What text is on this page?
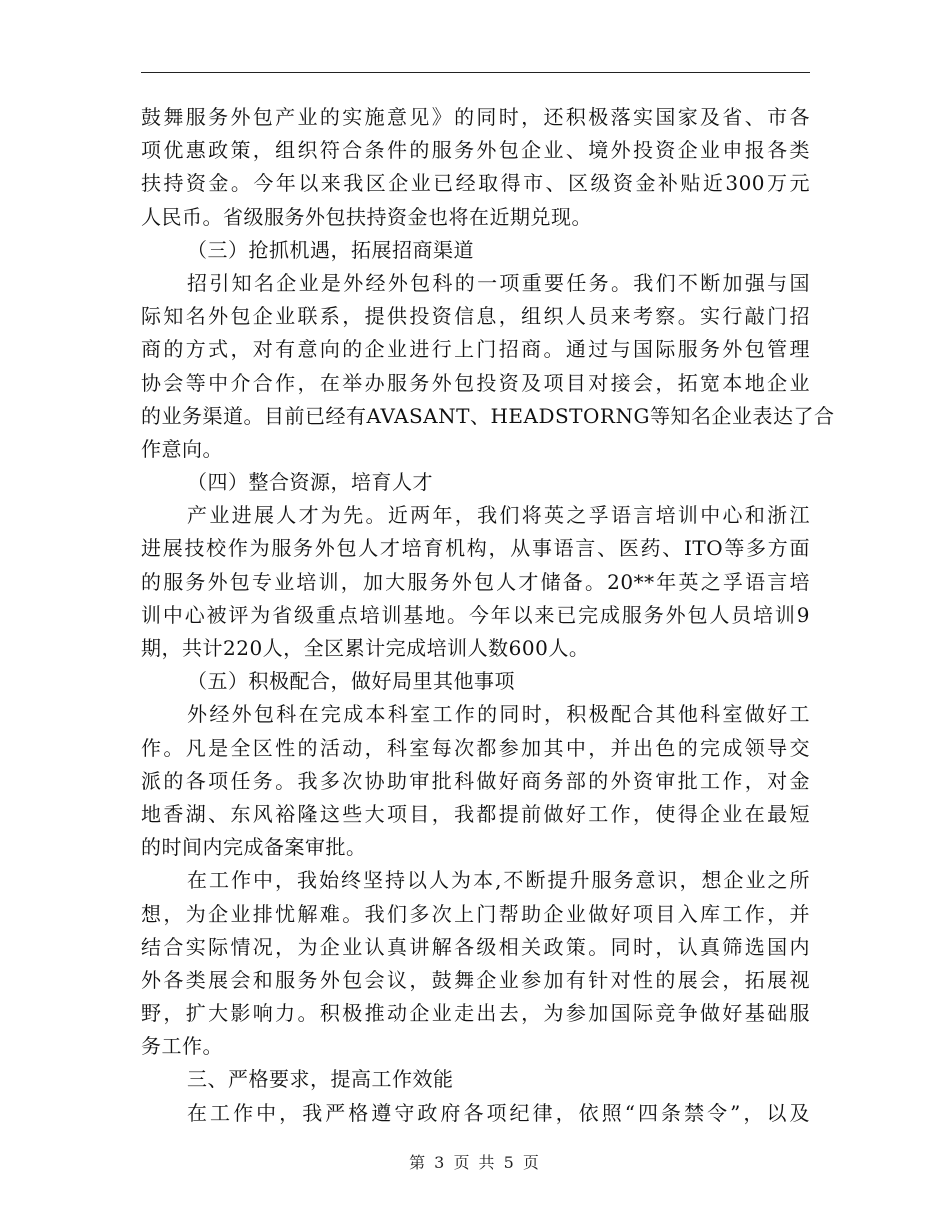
鼓舞服务外包产业的实施意见》的同时，还积极落实国家及省、市各
项优惠政策，组织符合条件的服务外包企业、境外投资企业申报各类
扶持资金。今年以来我区企业已经取得市、区级资金补贴近300万元
人民币。省级服务外包扶持资金也将在近期兑现。
（三）抢抓机遇，拓展招商渠道
招引知名企业是外经外包科的一项重要任务。我们不断加强与国
际知名外包企业联系，提供投资信息，组织人员来考察。实行敲门招
商的方式，对有意向的企业进行上门招商。通过与国际服务外包管理
协会等中介合作，在举办服务外包投资及项目对接会，拓宽本地企业
的业务渠道。目前已经有AVASANT、HEADSTORNG等知名企业表达了合
作意向。
（四）整合资源，培育人才
产业进展人才为先。近两年，我们将英之孚语言培训中心和浙江
进展技校作为服务外包人才培育机构，从事语言、医药、ITO等多方面
的服务外包专业培训，加大服务外包人才储备。20**年英之孚语言培
训中心被评为省级重点培训基地。今年以来已完成服务外包人员培训9
期，共计220人，全区累计完成培训人数600人。
（五）积极配合，做好局里其他事项
外经外包科在完成本科室工作的同时，积极配合其他科室做好工
作。凡是全区性的活动，科室每次都参加其中，并出色的完成领导交
派的各项任务。我多次协助审批科做好商务部的外资审批工作，对金
地香湖、东风裕隆这些大项目，我都提前做好工作，使得企业在最短
的时间内完成备案审批。
在工作中，我始终坚持以人为本,不断提升服务意识，想企业之所
想，为企业排忧解难。我们多次上门帮助企业做好项目入库工作，并
结合实际情况，为企业认真讲解各级相关政策。同时，认真筛选国内
外各类展会和服务外包会议，鼓舞企业参加有针对性的展会，拓展视
野，扩大影响力。积极推动企业走出去，为参加国际竞争做好基础服
务工作。
三、严格要求，提高工作效能
在工作中，我严格遵守政府各项纪律，依照“四条禁令”，以及
第 3 页 共 5 页
